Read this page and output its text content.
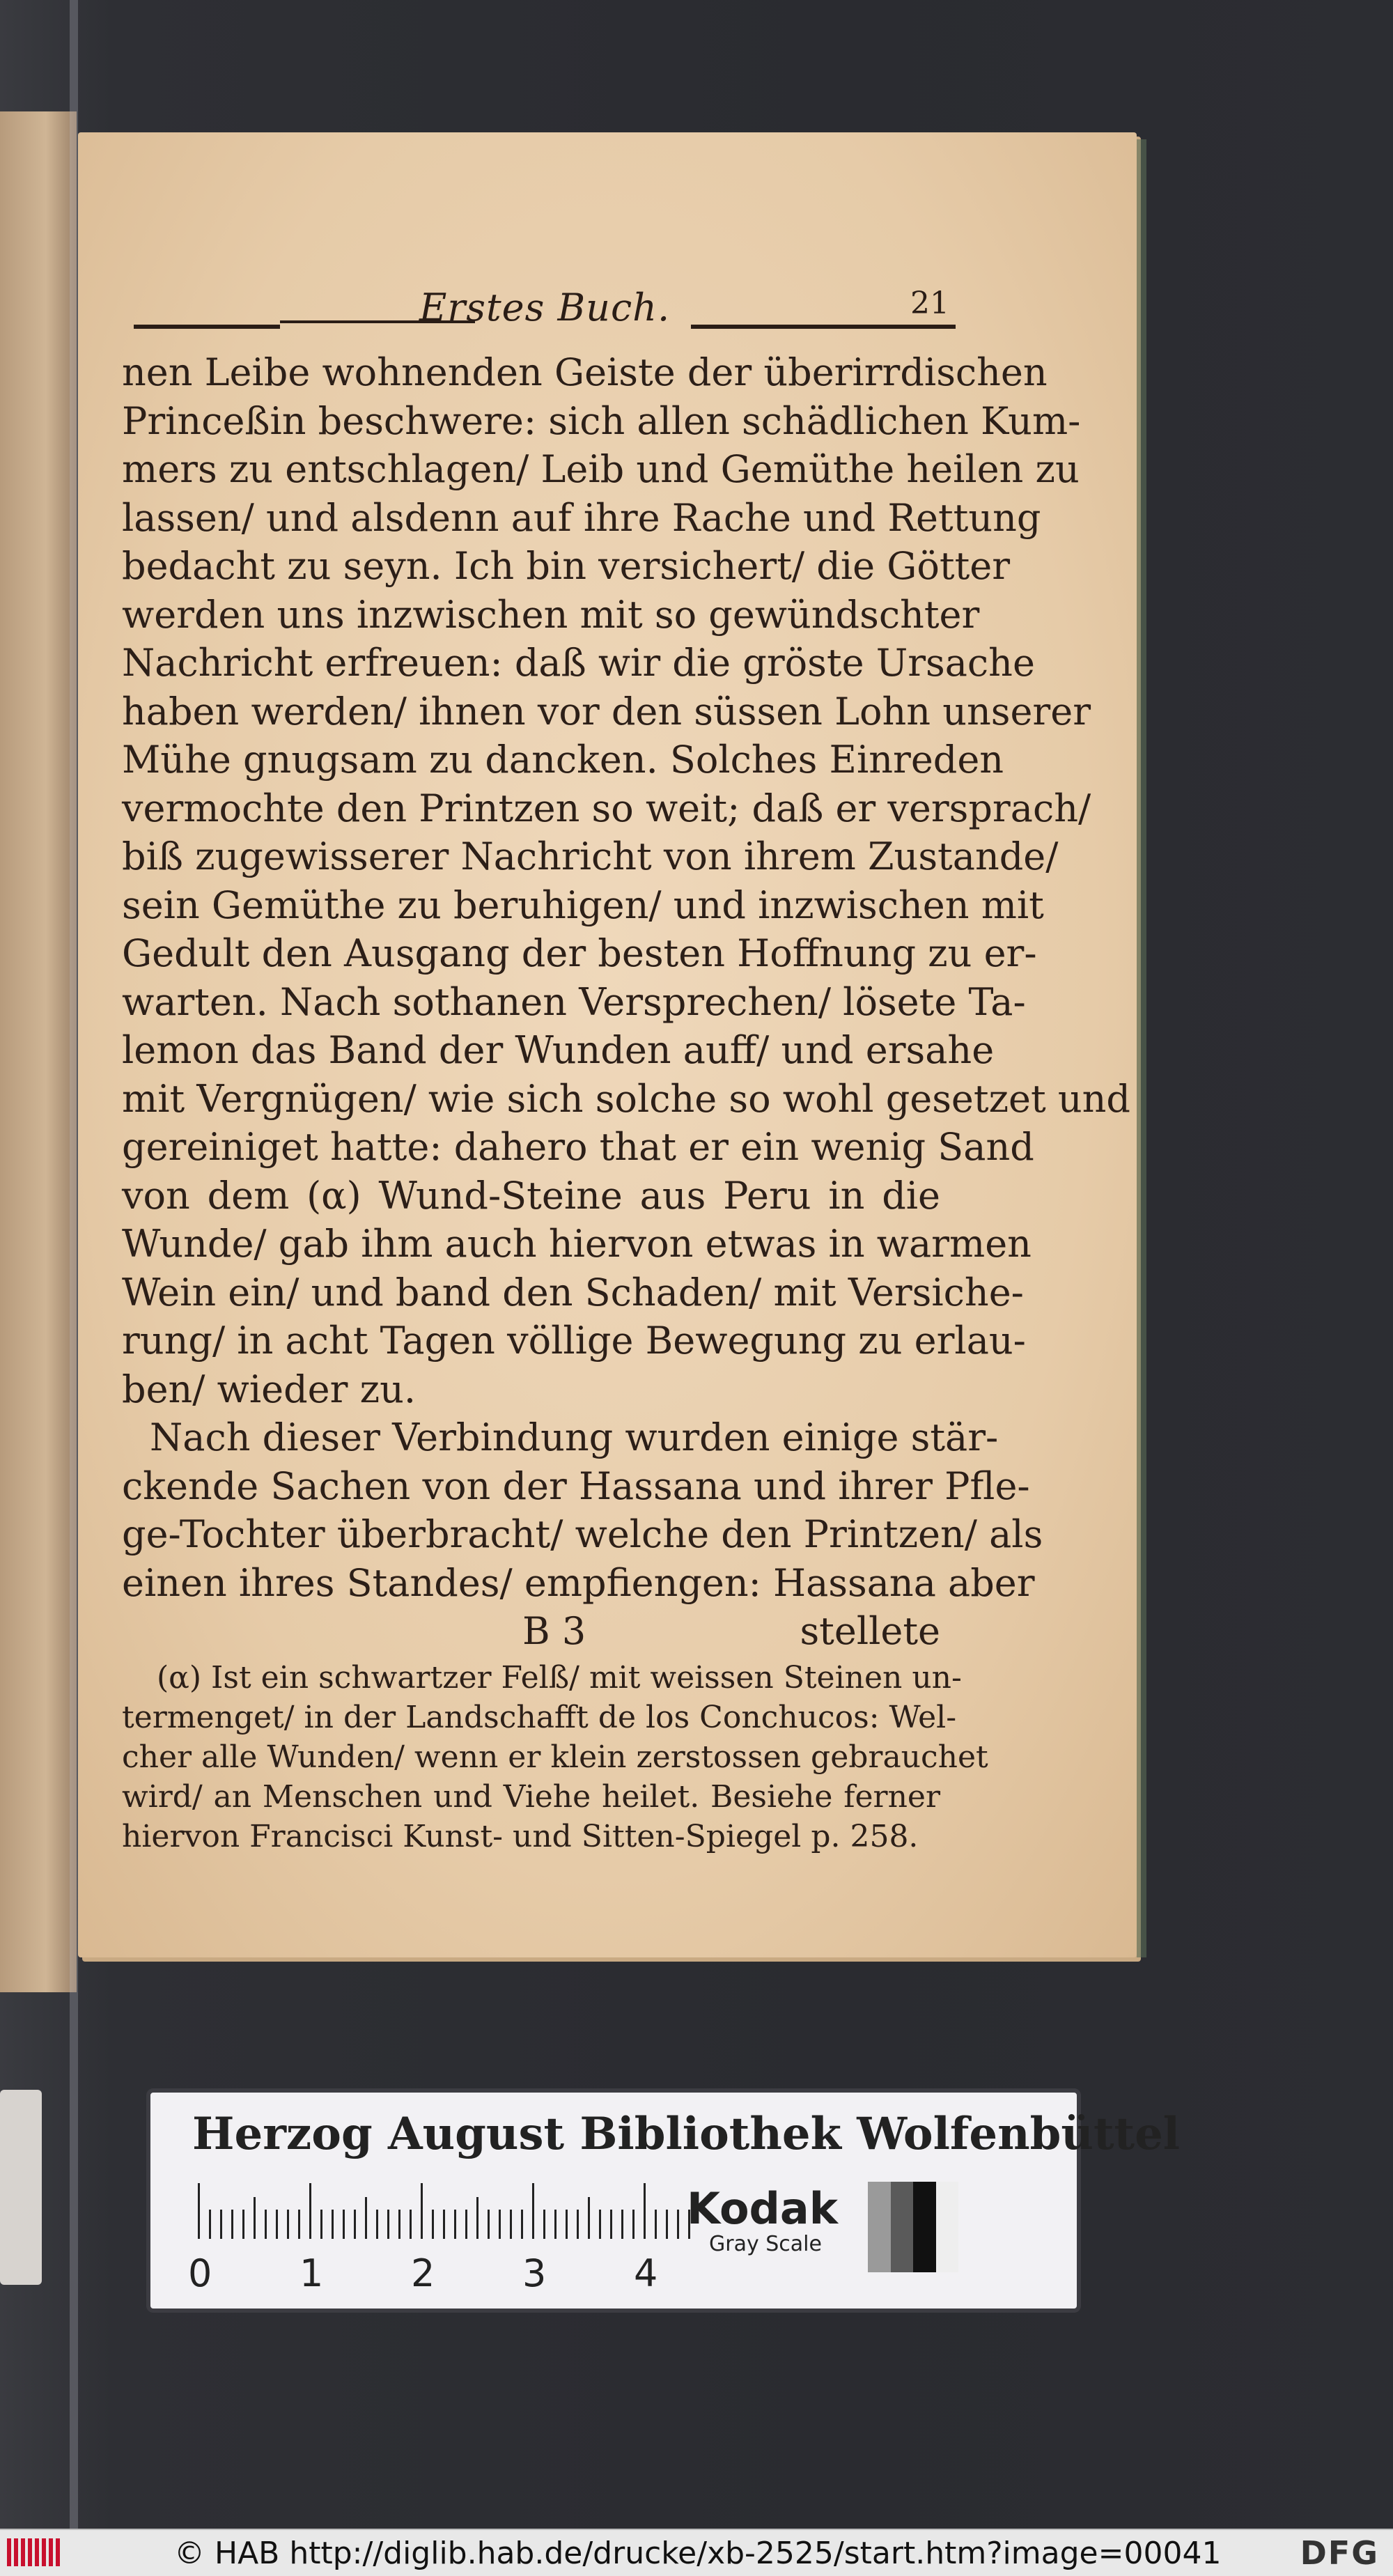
Erstes Buch.	21
nen Leibe wohnenden Geiste der überirrdischen
Princeßin beschwere: sich allen schädlichen Kum-
mers zu entschlagen/ Leib und Gemüthe heilen zu
lassen/ und alsdenn auf ihre Rache und Rettung
bedacht zu seyn. Ich bin versichert/ die Götter
werden uns inzwischen mit so gewündschter
Nachricht erfreuen: daß wir die gröste Ursache
haben werden/ ihnen vor den süssen Lohn unserer
Mühe gnugsam zu dancken. Solches Einreden
vermochte den Printzen so weit; daß er versprach/
biß zugewisserer Nachricht von ihrem Zustande/
sein Gemüthe zu beruhigen/ und inzwischen mit
Gedult den Ausgang der besten Hoffnung zu er-
warten. Nach sothanen Versprechen/ lösete Ta-
lemon das Band der Wunden auff/ und ersahe
mit Vergnügen/ wie sich solche so wohl gesetzet und
gereiniget hatte: dahero that er ein wenig Sand
von dem (α) Wund-Steine aus Peru in die
Wunde/ gab ihm auch hiervon etwas in warmen
Wein ein/ und band den Schaden/ mit Versiche-
rung/ in acht Tagen völlige Bewegung zu erlau-
ben/ wieder zu.
Nach dieser Verbindung wurden einige stär-
ckende Sachen von der Hassana und ihrer Pfle-
ge-Tochter überbracht/ welche den Printzen/ als
einen ihres Standes/ empfiengen: Hassana aber
B 3	stellete
(α) Ist ein schwartzer Felß/ mit weissen Steinen un-
termenget/ in der Landschafft de los Conchucos: Wel-
cher alle Wunden/ wenn er klein zerstossen gebrauchet
wird/ an Menschen und Viehe heilet. Besiehe ferner
hiervon Francisci Kunst- und Sitten-Spiegel p. 258.
Herzog August Bibliothek Wolfenbüttel
0 1 2 3 4
Kodak
Gray Scale
© HAB http://diglib.hab.de/drucke/xb-2525/start.htm?image=00041 DFG
